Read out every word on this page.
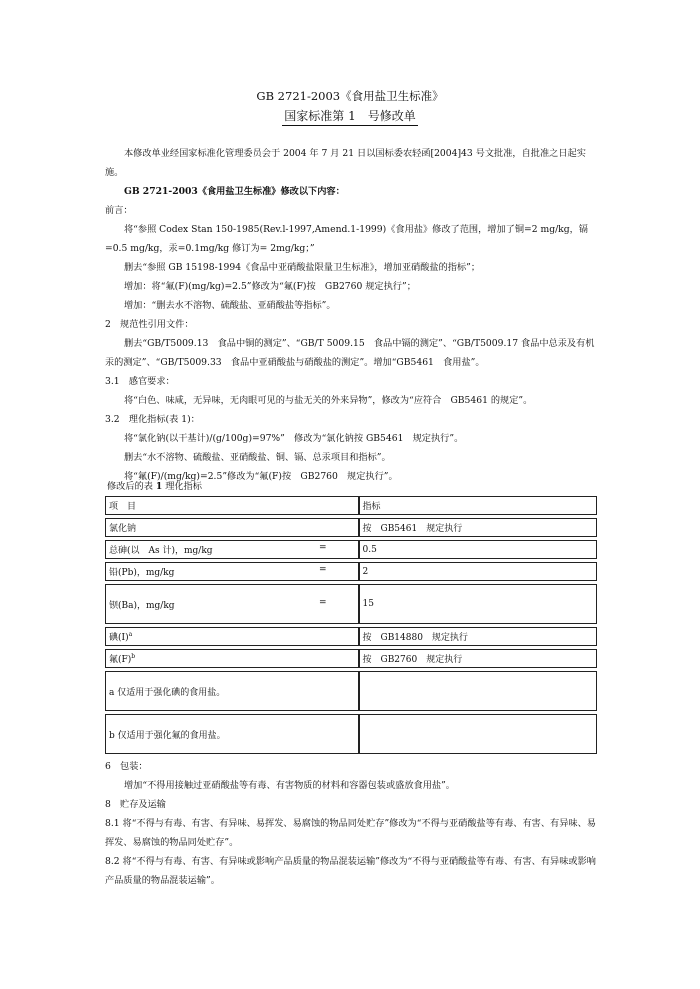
GB 2721-2003《食用盐卫生标准》
国家标准第 1　号修改单
本修改单业经国家标准化管理委员会于 2004 年 7 月 21 日以国标委农轻函[2004]43 号文批准，自批准之日起实施。
GB 2721-2003《食用盐卫生标准》修改以下内容：
前言：
将“参照 Codex Stan 150-1985(Rev.l-1997,Amend.1-1999)《食用盐》修改了范围，增加了铜=2 mg/kg，镉=0.5 mg/kg，汞=0.1mg/kg 修订为= 2mg/kg；”
删去“参照 GB 15198-1994《食品中亚硝酸盐限量卫生标准》，增加亚硝酸盐的指标”；
增加：将“氟(F)(mg/kg)=2.5”修改为“氟(F)按　GB2760 规定执行”；
增加：“删去水不溶物、硫酸盐、亚硝酸盐等指标”。
2　规范性引用文件：
删去“GB/T5009.13　食品中铜的测定”、“GB/T 5009.15　食品中镉的测定”、“GB/T5009.17 食品中总汞及有机汞的测定”、“GB/T5009.33　食品中亚硝酸盐与硝酸盐的测定”。增加“GB5461　食用盐”。
3.1　感官要求：
将“白色、味咸，无异味，无肉眼可见的与盐无关的外来异物”，修改为“应符合　GB5461 的规定”。
3.2　理化指标(表 1)：
将“氯化钠(以干基计)/(g/100g)=97%”　修改为“氯化钠按 GB5461　规定执行”。
删去“水不溶物、硫酸盐、亚硝酸盐、铜、镉、总汞项目和指标”。
将“氟(F)/(mg/kg)=2.5”修改为“氟(F)按　GB2760　规定执行”。
修改后的表 1 理化指标
项　目	指标
氯化钠	按　GB5461　规定执行
总砷(以　As 计)，mg/kg =	0.5
铅(Pb)，mg/kg =	2
钡(Ba)，mg/kg =	15
碘$(I)^a$	按　GB14880　规定执行
氟$(F)^b$	按　GB2760　规定执行
a 仅适用于强化碘的食用盐。	
b 仅适用于强化氟的食用盐。	
6　包装：
增加“不得用接触过亚硝酸盐等有毒、有害物质的材料和容器包装或盛放食用盐”。
8　贮存及运输
8.1 将“不得与有毒、有害、有异味、易挥发、易腐蚀的物品同处贮存”修改为“不得与亚硝酸盐等有毒、有害、有异味、易挥发、易腐蚀的物品同处贮存”。
8.2 将“不得与有毒、有害、有异味或影响产品质量的物品混装运输”修改为“不得与亚硝酸盐等有毒、有害、有异味或影响产品质量的物品混装运输”。
